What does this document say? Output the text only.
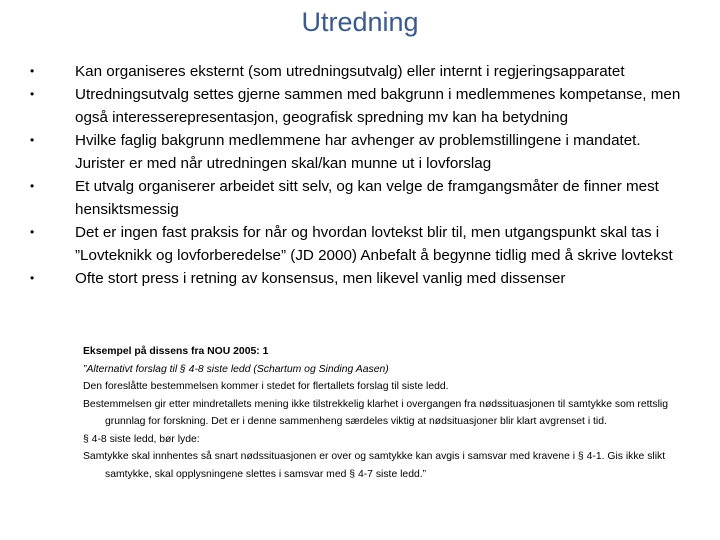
Utredning
•	Kan organiseres eksternt (som utredningsutvalg) eller internt i regjeringsapparatet
•	Utredningsutvalg settes gjerne sammen med bakgrunn i medlemmenes kompetanse, men også interesserepresentasjon, geografisk spredning mv kan ha betydning
•	Hvilke faglig bakgrunn medlemmene har avhenger av problemstillingene i mandatet. Jurister er med når utredningen skal/kan munne ut i lovforslag
•	Et utvalg organiserer arbeidet sitt selv, og kan velge de framgangsmåter de finner mest hensiktsmessig
•	Det er ingen fast praksis for når og hvordan lovtekst blir til, men utgangspunkt skal tas i ”Lovteknikk og lovforberedelse” (JD 2000) Anbefalt å begynne tidlig med å skrive lovtekst
•	Ofte stort press i retning av konsensus, men likevel vanlig med dissenser

Eksempel på dissens fra NOU 2005: 1

”Alternativt forslag til § 4-8 siste ledd (Schartum og Sinding Aasen)

Den foreslåtte bestemmelsen kommer i stedet for flertallets forslag til siste ledd.

Bestemmelsen gir etter mindretallets mening ikke tilstrekkelig klarhet i overgangen fra nødssituasjonen til samtykke som rettslig grunnlag for forskning. Det er i denne sammenheng særdeles viktig at nødsituasjoner blir klart avgrenset i tid.

§ 4-8 siste ledd, bør lyde:

Samtykke skal innhentes så snart nødssituasjonen er over og samtykke kan avgis i samsvar med kravene i § 4-1. Gis ikke slikt samtykke, skal opplysningene slettes i samsvar med § 4-7 siste ledd.”
